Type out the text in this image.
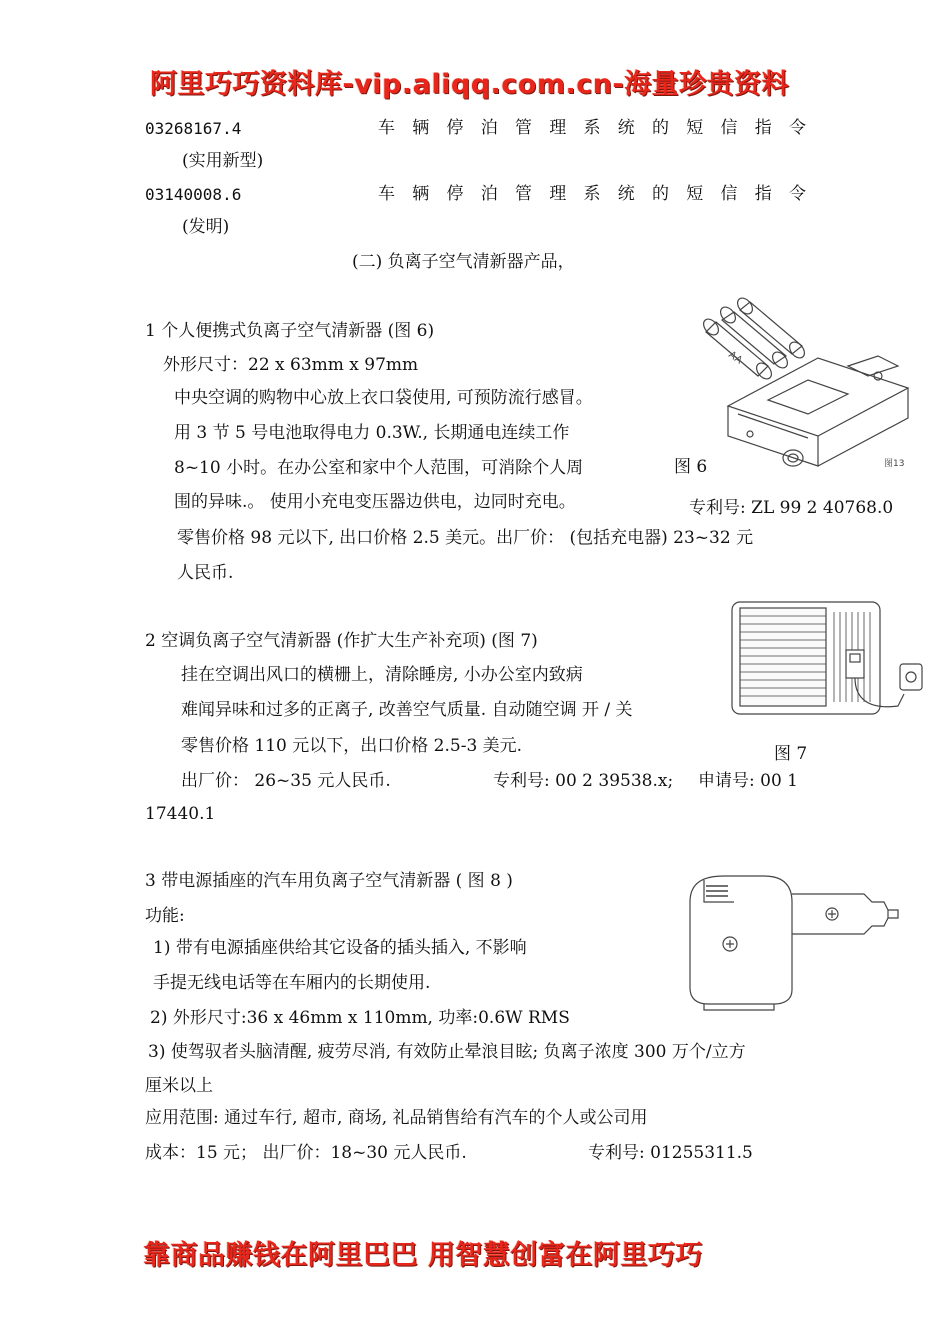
阿里巧巧资料库-vip.aliqq.com.cn-海量珍贵资料
03268167.4	车 辆 停 泊 管 理 系 统 的 短 信 指 令
(实用新型)
03140008.6	车 辆 停 泊 管 理 系 统 的 短 信 指 令
(发明)
(二) 负离子空气清新器产品，
1 个人便携式负离子空气清新器 (图 6)
外形尺寸：22 x 63mm x 97mm
中央空调的购物中心放上衣口袋使用, 可预防流行感冒。
用 3 节 5 号电池取得电力 0.3W., 长期通电连续工作
8~10 小时。在办公室和家中个人范围，可消除个人周
围的异味.。 使用小充电变压器边供电，边同时充电。
零售价格 98 元以下, 出口价格 2.5 美元。出厂价： (包括充电器) 23~32 元
人民币.
图 6
专利号: ZL 99 2 40768.0
AA
图13
2 空调负离子空气清新器 (作扩大生产补充项) (图 7)
挂在空调出风口的横栅上，清除睡房, 小办公室内致病
难闻异味和过多的正离子, 改善空气质量. 自动随空调 开 / 关
零售价格 110 元以下，出口价格 2.5-3 美元.
出厂价： 26~35 元人民币.	专利号: 00 2 39538.x; 申请号: 00 1
17440.1
图 7
3 带电源插座的汽车用负离子空气清新器 ( 图 8 )
功能:
1) 带有电源插座供给其它设备的插头插入, 不影响
手提无线电话等在车厢内的长期使用.
2) 外形尺寸:36 x 46mm x 110mm, 功率:0.6W RMS
3) 使驾驭者头脑清醒, 疲劳尽消, 有效防止晕浪目眩; 负离子浓度 300 万个/立方
厘米以上
应用范围: 通过车行, 超市, 商场, 礼品销售给有汽车的个人或公司用
成本：15 元； 出厂价：18~30 元人民币.	专利号: 01255311.5
靠商品赚钱在阿里巴巴 用智慧创富在阿里巧巧
